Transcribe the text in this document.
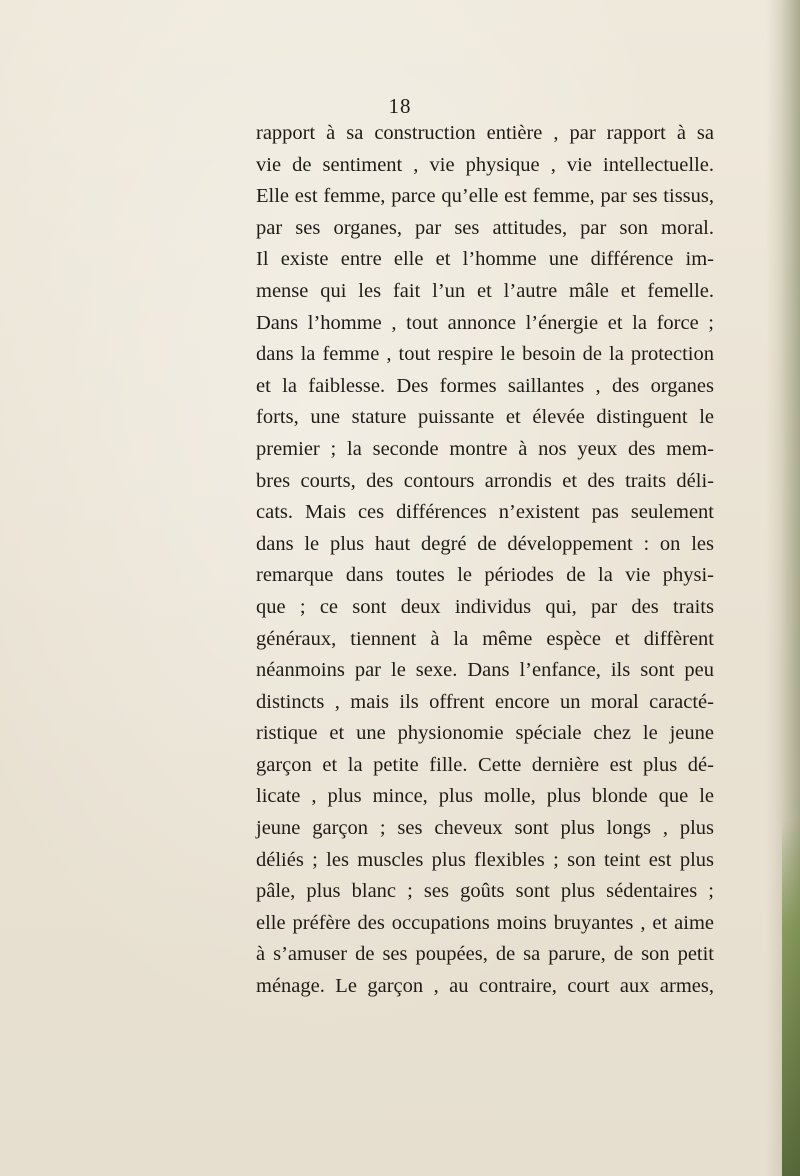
18
rapport à sa construction entière , par rapport à sa
vie de sentiment , vie physique , vie intellectuelle.
Elle est femme, parce qu’elle est femme, par ses tissus,
par ses organes, par ses attitudes, par son moral.
Il existe entre elle et l’homme une différence im-
mense qui les fait l’un et l’autre mâle et femelle.
Dans l’homme , tout annonce l’énergie et la force ;
dans la femme , tout respire le besoin de la protection
et la faiblesse. Des formes saillantes , des organes
forts, une stature puissante et élevée distinguent le
premier ; la seconde montre à nos yeux des mem-
bres courts, des contours arrondis et des traits déli-
cats. Mais ces différences n’existent pas seulement
dans le plus haut degré de développement : on les
remarque dans toutes le périodes de la vie physi-
que ; ce sont deux individus qui, par des traits
généraux, tiennent à la même espèce et diffèrent
néanmoins par le sexe. Dans l’enfance, ils sont peu
distincts , mais ils offrent encore un moral caracté-
ristique et une physionomie spéciale chez le jeune
garçon et la petite fille. Cette dernière est plus dé-
licate , plus mince, plus molle, plus blonde que le
jeune garçon ; ses cheveux sont plus longs , plus
déliés ; les muscles plus flexibles ; son teint est plus
pâle, plus blanc ; ses goûts sont plus sédentaires ;
elle préfère des occupations moins bruyantes , et aime
à s’amuser de ses poupées, de sa parure, de son petit
ménage. Le garçon , au contraire, court aux armes,
